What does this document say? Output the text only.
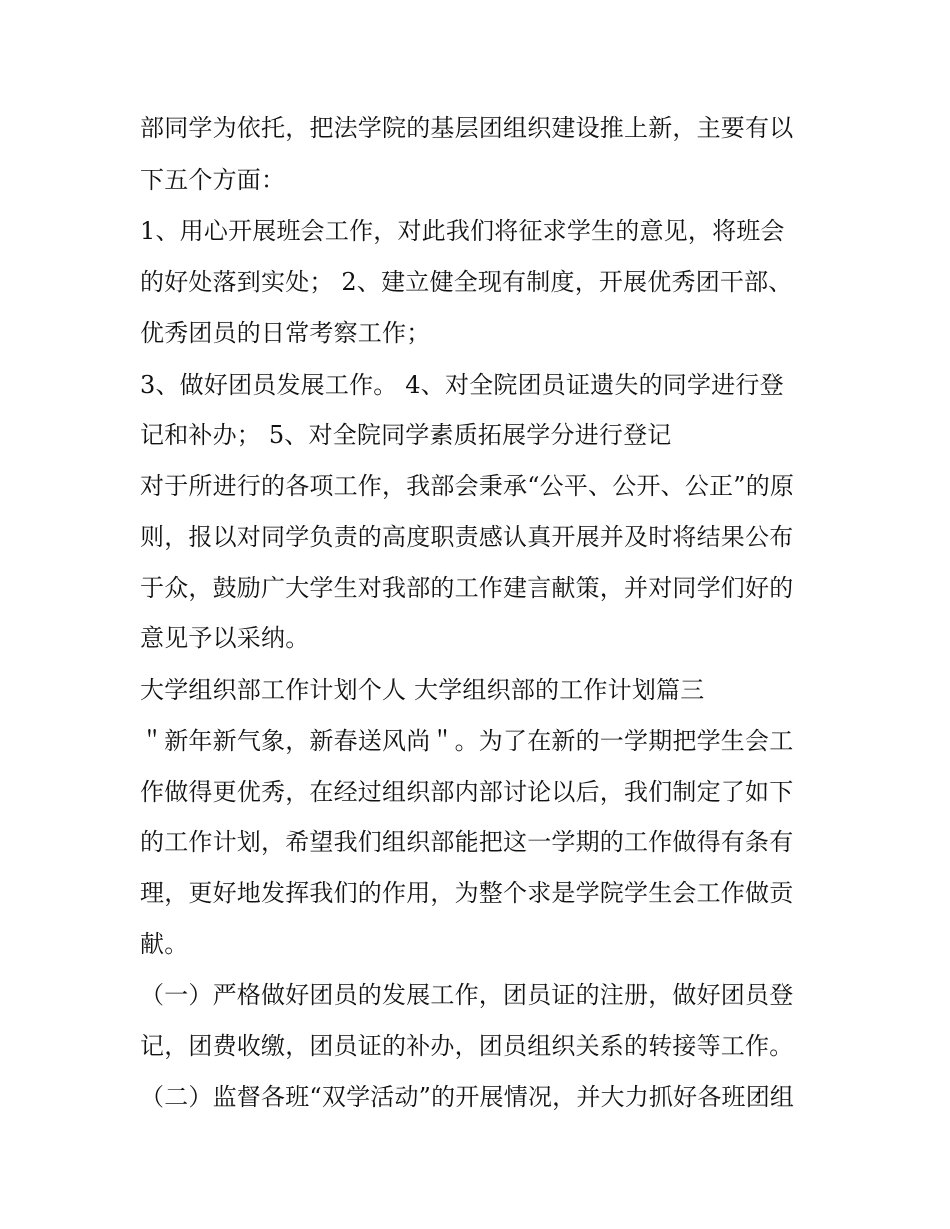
部同学为依托，把法学院的基层团组织建设推上新，主要有以
下五个方面：
1、用心开展班会工作，对此我们将征求学生的意见，将班会
的好处落到实处； 2、建立健全现有制度，开展优秀团干部、
优秀团员的日常考察工作；
3、做好团员发展工作。 4、对全院团员证遗失的同学进行登
记和补办； 5、对全院同学素质拓展学分进行登记
对于所进行的各项工作，我部会秉承“公平、公开、公正”的原
则，报以对同学负责的高度职责感认真开展并及时将结果公布
于众，鼓励广大学生对我部的工作建言献策，并对同学们好的
意见予以采纳。
大学组织部工作计划个人 大学组织部的工作计划篇三
＂新年新气象，新春送风尚＂。为了在新的一学期把学生会工
作做得更优秀，在经过组织部内部讨论以后，我们制定了如下
的工作计划，希望我们组织部能把这一学期的工作做得有条有
理，更好地发挥我们的作用，为整个求是学院学生会工作做贡
献。
（一）严格做好团员的发展工作，团员证的注册，做好团员登
记，团费收缴，团员证的补办，团员组织关系的转接等工作。
（二）监督各班“双学活动”的开展情况，并大力抓好各班团组
